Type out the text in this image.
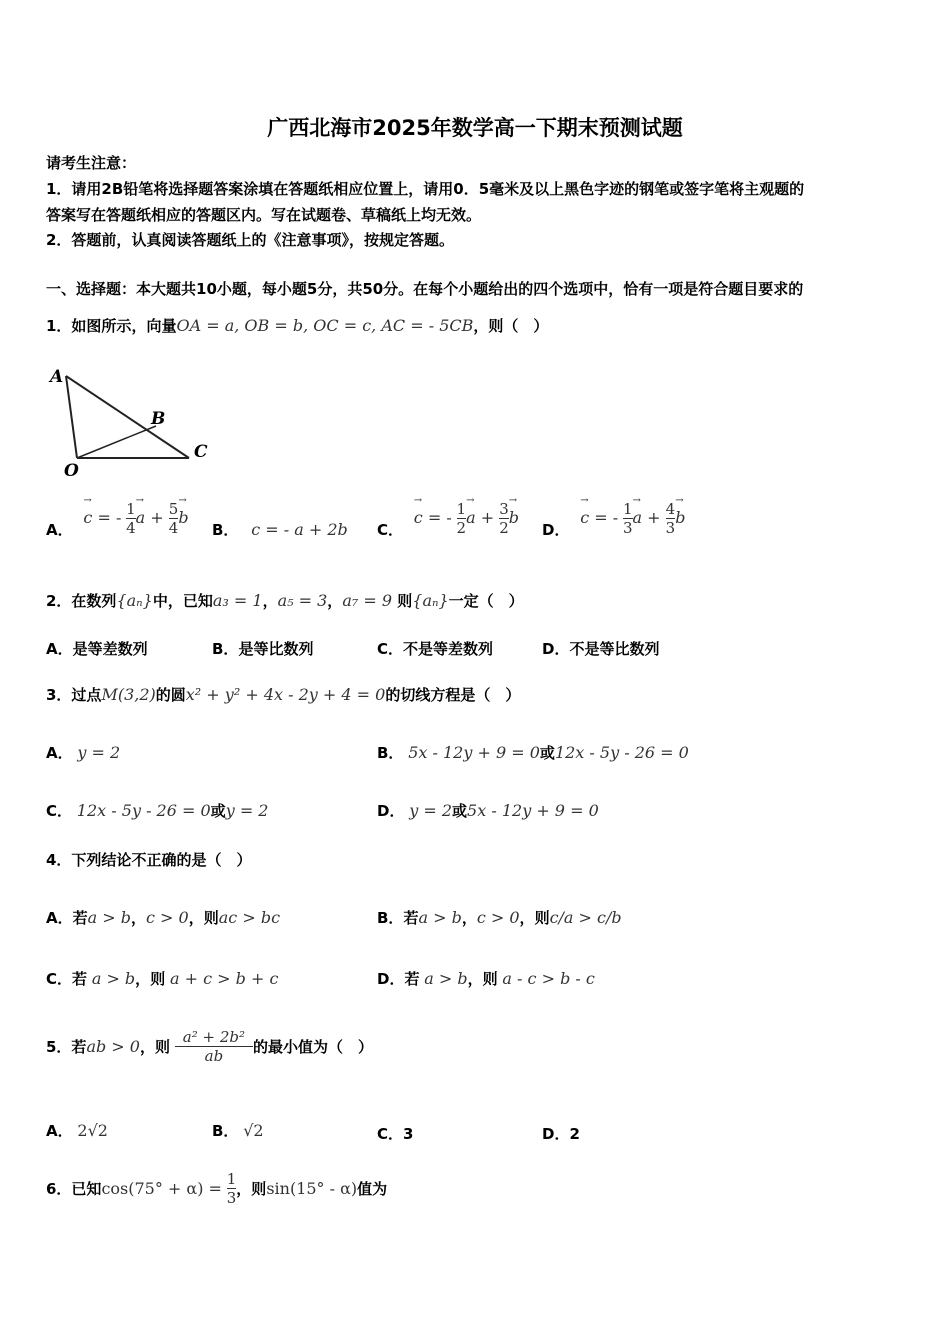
广西北海市2025年数学高一下期末预测试题
请考生注意：
1．请用2B铅笔将选择题答案涂填在答题纸相应位置上，请用0．5毫米及以上黑色字迹的钢笔或签字笔将主观题的
答案写在答题纸相应的答题区内。写在试题卷、草稿纸上均无效。
2．答题前，认真阅读答题纸上的《注意事项》，按规定答题。
一、选择题：本大题共10小题，每小题5分，共50分。在每个小题给出的四个选项中，恰有一项是符合题目要求的
1．如图所示，向量OA = a, OB = b, OC = c, AC = - 5CB，则（　）
A
B
C
O
A． → c = - $\frac{1}{4}$
→ $a + \frac{5}{4}$
→ b
B． c = - a + 2b C． → c = - $\frac{1}{2}$
→ $a + \frac{3}{2}$
→ b
D． → c = - $\frac{1}{3}$
→ $a + \frac{4}{3}$
→ b
2．在数列{aₙ}中，已知a₃ = 1，a₅ = 3，a₇ = 9 则{aₙ}一定（　）
A．是等差数列	B．是等比数列	C．不是等差数列	D．不是等比数列
3．过点M(3,2)的圆x² + y² + 4x - 2y + 4 = 0的切线方程是（　）
A． y = 2	B． 5x - 12y + 9 = 0或12x - 5y - 26 = 0
C． 12x - 5y - 26 = 0或y = 2	D． y = 2或5x - 12y + 9 = 0
4．下列结论不正确的是（　）
A．若a > b，c > 0，则ac > bc	B．若a > b，c > 0，则c/a > c/b
C．若 a > b，则 a + c > b + c	D．若 a > b，则 a - c > b - c
5．若ab > 0，则 $\frac{\text{a² + 2b²}}{ab}$ 的最小值为（　）
A． 2√2	B． √2	C．3	D．2
6．已知$\cos(75^\circ + \alpha) = \frac{1}{3}$ ，则sin(15° - α)值为
